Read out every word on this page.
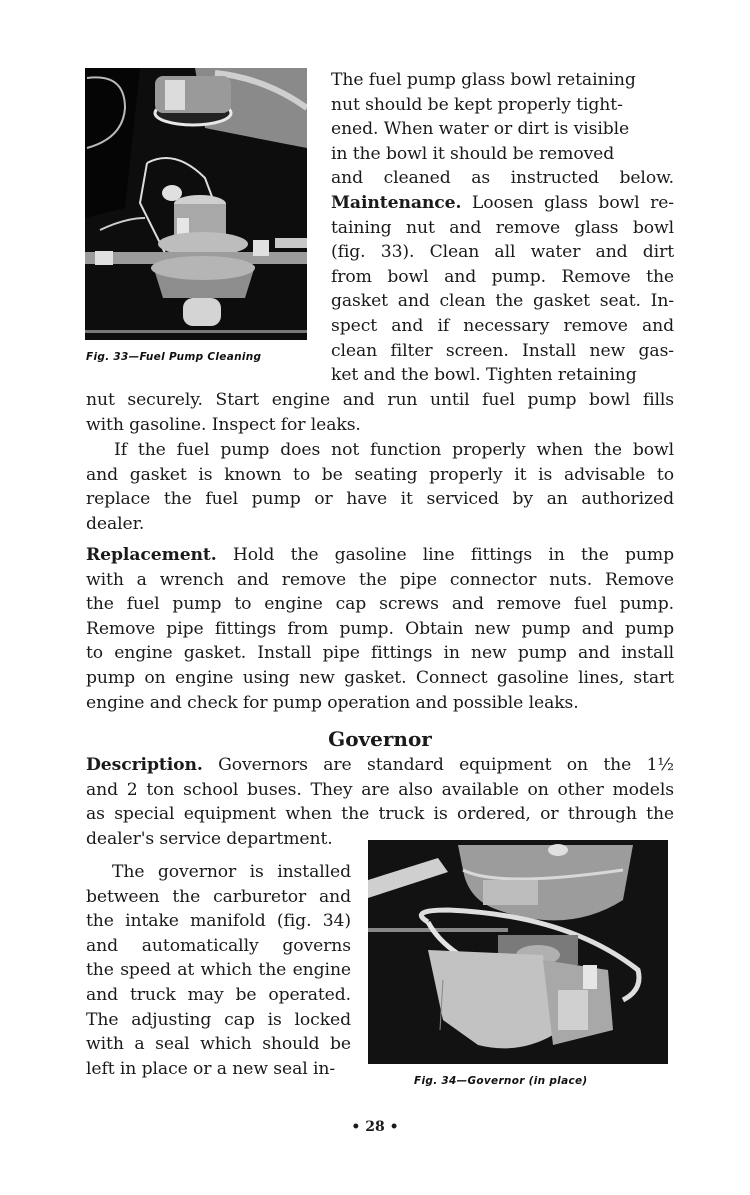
Fig. 33—Fuel Pump Cleaning
The fuel pump glass bowl retaining
nut should be kept properly tight-
ened. When water or dirt is visible
in the bowl it should be removed
and cleaned as instructed below.
Maintenance. Loosen glass bowl re-
taining nut and remove glass bowl
(fig. 33). Clean all water and dirt
from bowl and pump. Remove the
gasket and clean the gasket seat. In-
spect and if necessary remove and
clean filter screen. Install new gas-
ket and the bowl. Tighten retaining
nut securely. Start engine and run until fuel pump bowl fills
with gasoline. Inspect for leaks.
If the fuel pump does not function properly when the bowl
and gasket is known to be seating properly it is advisable to
replace the fuel pump or have it serviced by an authorized
dealer.
Replacement. Hold the gasoline line fittings in the pump
with a wrench and remove the pipe connector nuts. Remove
the fuel pump to engine cap screws and remove fuel pump.
Remove pipe fittings from pump. Obtain new pump and pump
to engine gasket. Install pipe fittings in new pump and install
pump on engine using new gasket. Connect gasoline lines, start
engine and check for pump operation and possible leaks.
Governor
Description. Governors are standard equipment on the 1½
and 2 ton school buses. They are also available on other models
as special equipment when the truck is ordered, or through the
dealer's service department.
The governor is installed
between the carburetor and
the intake manifold (fig. 34)
and automatically governs
the speed at which the engine
and truck may be operated.
The adjusting cap is locked
with a seal which should be
left in place or a new seal in-
Fig. 34—Governor (in place)
• 28 •
